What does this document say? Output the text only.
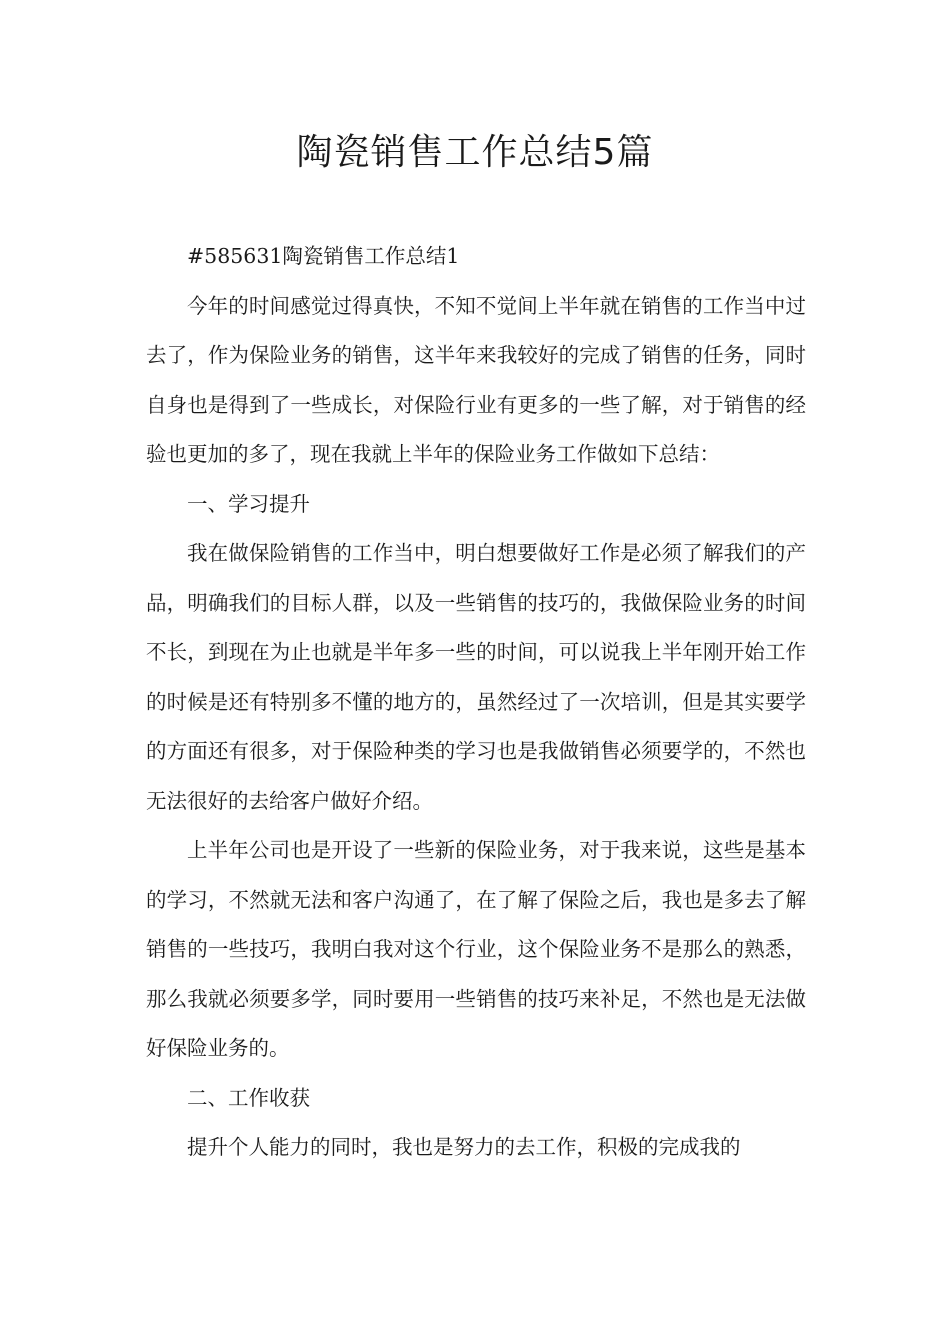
陶瓷销售工作总结5篇

#585631陶瓷销售工作总结1

今年的时间感觉过得真快，不知不觉间上半年就在销售的工作当中过去了，作为保险业务的销售，这半年来我较好的完成了销售的任务，同时自身也是得到了一些成长，对保险行业有更多的一些了解，对于销售的经验也更加的多了，现在我就上半年的保险业务工作做如下总结：

一、学习提升

我在做保险销售的工作当中，明白想要做好工作是必须了解我们的产品，明确我们的目标人群，以及一些销售的技巧的，我做保险业务的时间不长，到现在为止也就是半年多一些的时间，可以说我上半年刚开始工作的时候是还有特别多不懂的地方的，虽然经过了一次培训，但是其实要学的方面还有很多，对于保险种类的学习也是我做销售必须要学的，不然也无法很好的去给客户做好介绍。

上半年公司也是开设了一些新的保险业务，对于我来说，这些是基本的学习，不然就无法和客户沟通了，在了解了保险之后，我也是多去了解销售的一些技巧，我明白我对这个行业，这个保险业务不是那么的熟悉，那么我就必须要多学，同时要用一些销售的技巧来补足，不然也是无法做好保险业务的。

二、工作收获

提升个人能力的同时，我也是努力的去工作，积极的完成我的
